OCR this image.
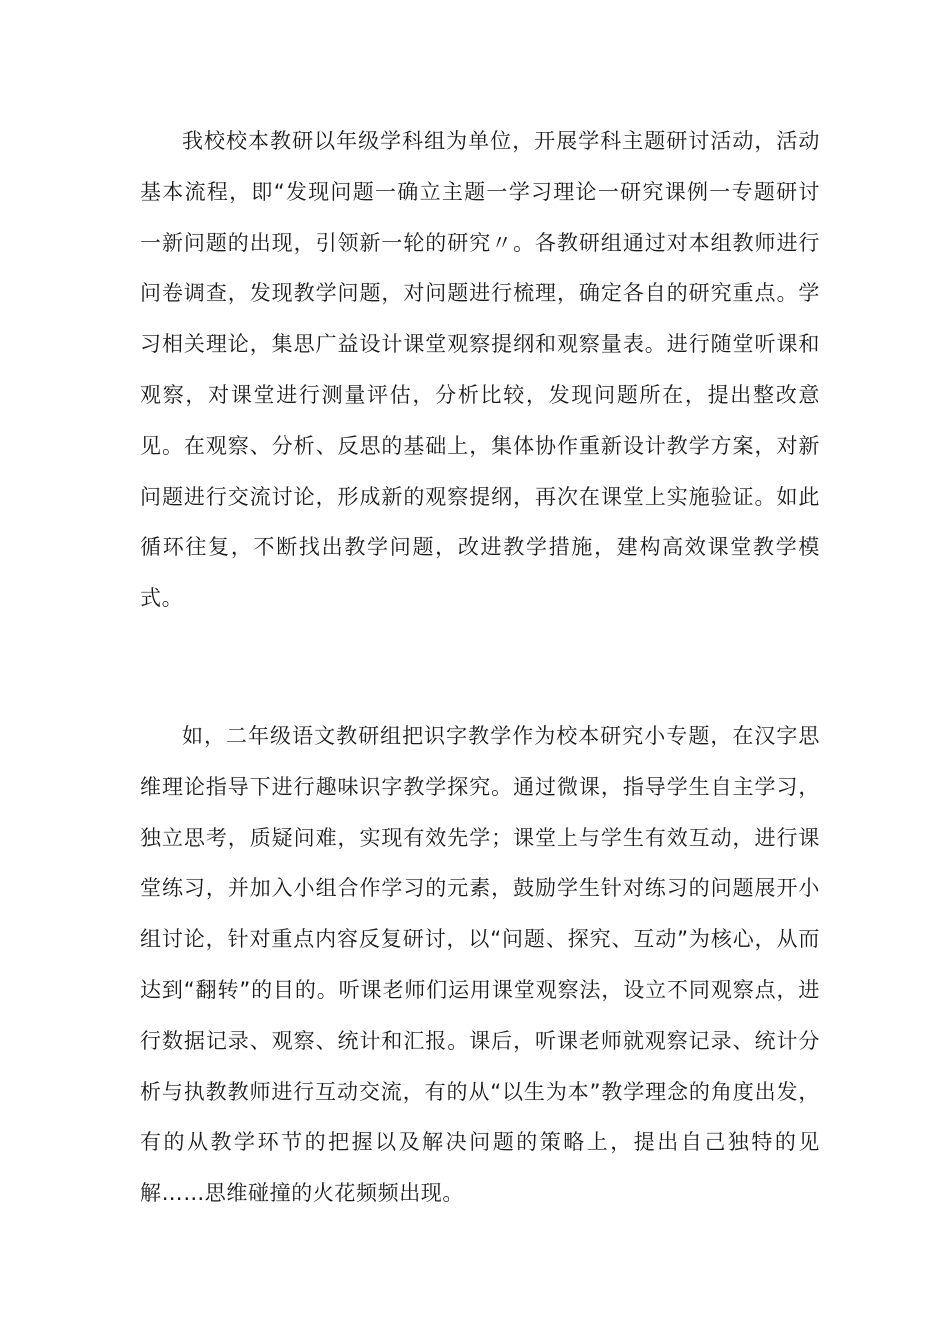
我校校本教研以年级学科组为单位，开展学科主题研讨活动，活动基本流程，即“发现问题一确立主题一学习理论一研究课例一专题研讨一新问题的出现，引领新一轮的研究〃。各教研组通过对本组教师进行问卷调查，发现教学问题，对问题进行梳理，确定各自的研究重点。学习相关理论，集思广益设计课堂观察提纲和观察量表。进行随堂听课和观察，对课堂进行测量评估，分析比较，发现问题所在，提出整改意见。在观察、分析、反思的基础上，集体协作重新设计教学方案，对新问题进行交流讨论，形成新的观察提纲，再次在课堂上实施验证。如此循环往复，不断找出教学问题，改进教学措施，建构高效课堂教学模式。

如，二年级语文教研组把识字教学作为校本研究小专题，在汉字思维理论指导下进行趣味识字教学探究。通过微课，指导学生自主学习，独立思考，质疑问难，实现有效先学；课堂上与学生有效互动，进行课堂练习，并加入小组合作学习的元素，鼓励学生针对练习的问题展开小组讨论，针对重点内容反复研讨，以“问题、探究、互动”为核心，从而达到“翻转”的目的。听课老师们运用课堂观察法，设立不同观察点，进行数据记录、观察、统计和汇报。课后，听课老师就观察记录、统计分析与执教教师进行互动交流，有的从“以生为本”教学理念的角度出发，有的从教学环节的把握以及解决问题的策略上，提出自己独特的见解……思维碰撞的火花频频出现。
